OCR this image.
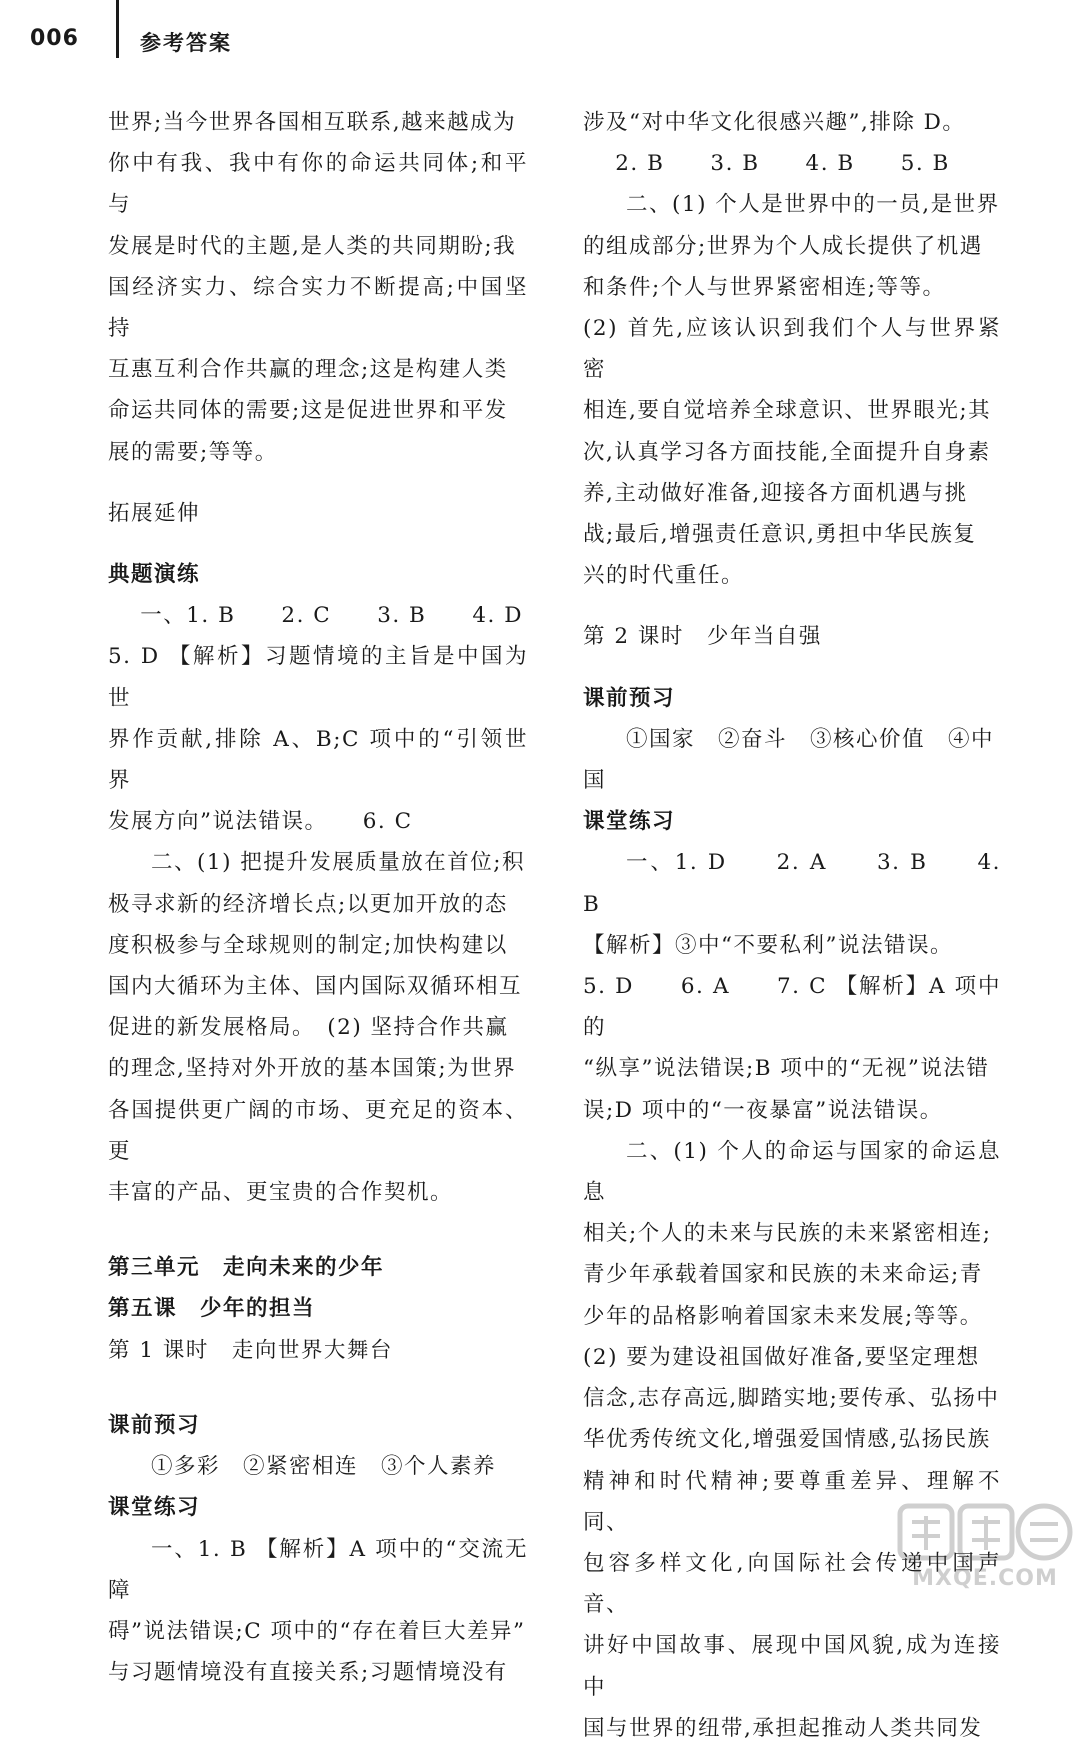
006	参考答案

世界;当今世界各国相互联系,越来越成为

你中有我、我中有你的命运共同体;和平与

发展是时代的主题,是人类的共同期盼;我

国经济实力、综合实力不断提高;中国坚持

互惠互利合作共赢的理念;这是构建人类

命运共同体的需要;这是促进世界和平发

展的需要;等等。

拓展延伸

典题演练

一、1. B　　2. C　　3. B　　4. D

5. D 【解析】习题情境的主旨是中国为世

界作贡献,排除 A、B;C 项中的“引领世界

发展方向”说法错误。　　6. C

二、(1) 把提升发展质量放在首位;积

极寻求新的经济增长点;以更加开放的态

度积极参与全球规则的制定;加快构建以

国内大循环为主体、国内国际双循环相互

促进的新发展格局。　(2) 坚持合作共赢

的理念,坚持对外开放的基本国策;为世界

各国提供更广阔的市场、更充足的资本、更

丰富的产品、更宝贵的合作契机。

第三单元　走向未来的少年

第五课　少年的担当

第 1 课时　走向世界大舞台

课前预习

①多彩　②紧密相连　③个人素养

课堂练习

一、1. B 【解析】A 项中的“交流无障

碍”说法错误;C 项中的“存在着巨大差异”

与习题情境没有直接关系;习题情境没有

涉及“对中华文化很感兴趣”,排除 D。

2. B　　3. B　　4. B　　5. B

二、(1) 个人是世界中的一员,是世界

的组成部分;世界为个人成长提供了机遇

和条件;个人与世界紧密相连;等等。

(2) 首先,应该认识到我们个人与世界紧密

相连,要自觉培养全球意识、世界眼光;其

次,认真学习各方面技能,全面提升自身素

养,主动做好准备,迎接各方面机遇与挑

战;最后,增强责任意识,勇担中华民族复

兴的时代重任。

第 2 课时　少年当自强

课前预习

①国家　②奋斗　③核心价值　④中

国

课堂练习

一、1. D　　2. A　　3. B　　4. B

【解析】③中“不要私利”说法错误。

5. D　　6. A　　7. C 【解析】A 项中的

“纵享”说法错误;B 项中的“无视”说法错

误;D 项中的“一夜暴富”说法错误。

二、(1) 个人的命运与国家的命运息息

相关;个人的未来与民族的未来紧密相连;

青少年承载着国家和民族的未来命运;青

少年的品格影响着国家未来发展;等等。

(2) 要为建设祖国做好准备,要坚定理想

信念,志存高远,脚踏实地;要传承、弘扬中

华优秀传统文化,增强爱国情感,弘扬民族

精神和时代精神;要尊重差异、理解不同、

包容多样文化,向国际社会传递中国声音、

讲好中国故事、展现中国风貌,成为连接中

国与世界的纽带,承担起推动人类共同发

MXQE.COM
